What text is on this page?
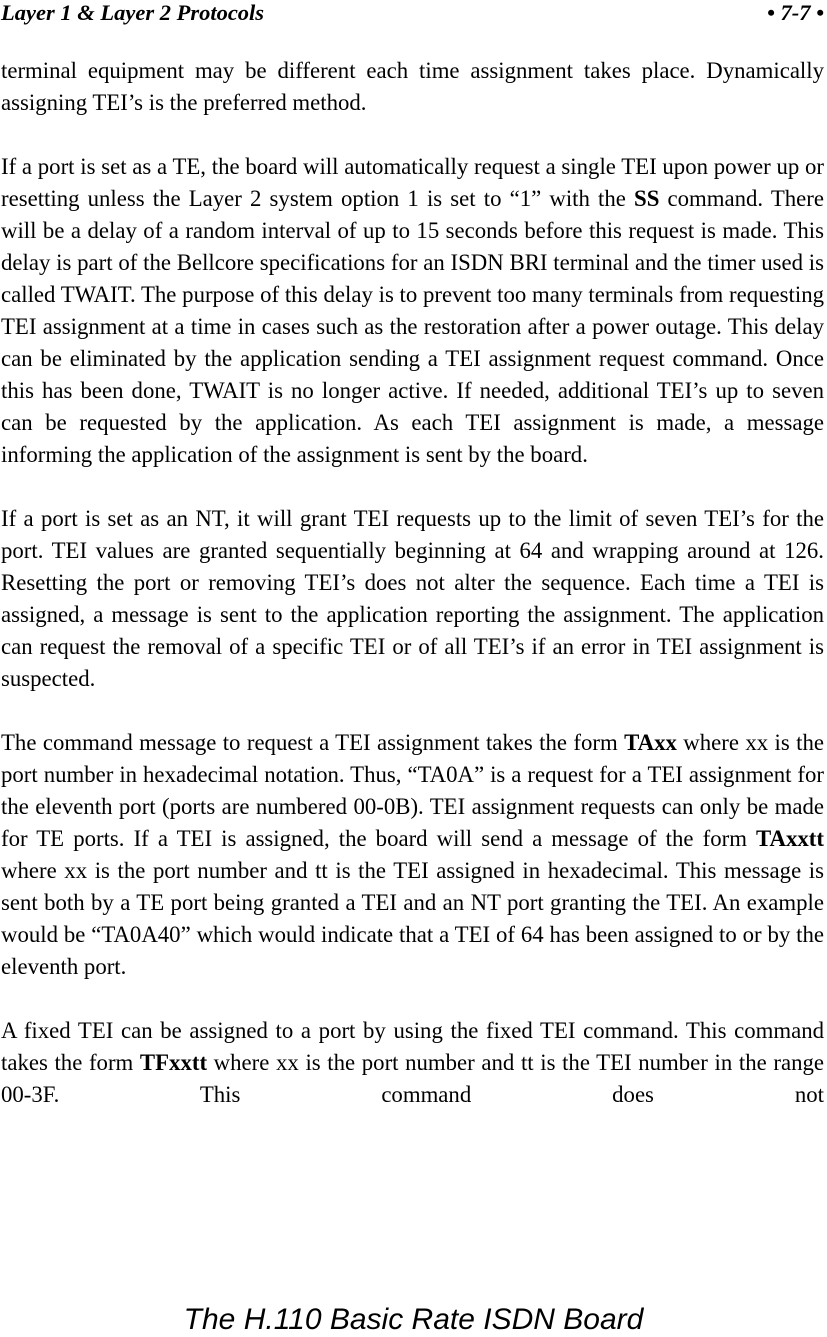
Layer 1 & Layer 2 Protocols	• 7-7 •

terminal equipment may be different each time assignment takes place. Dynamically assigning TEI’s is the preferred method.

If a port is set as a TE, the board will automatically request a single TEI upon power up or resetting unless the Layer 2 system option 1 is set to “1” with the SS command. There will be a delay of a random interval of up to 15 seconds before this request is made. This delay is part of the Bellcore specifications for an ISDN BRI terminal and the timer used is called TWAIT. The purpose of this delay is to prevent too many terminals from requesting TEI assignment at a time in cases such as the restoration after a power outage. This delay can be eliminated by the application sending a TEI assignment request command. Once this has been done, TWAIT is no longer active. If needed, additional TEI’s up to seven can be requested by the application. As each TEI assignment is made, a message informing the application of the assignment is sent by the board.

If a port is set as an NT, it will grant TEI requests up to the limit of seven TEI’s for the port. TEI values are granted sequentially beginning at 64 and wrapping around at 126. Resetting the port or removing TEI’s does not alter the sequence. Each time a TEI is assigned, a message is sent to the application reporting the assignment. The application can request the removal of a specific TEI or of all TEI’s if an error in TEI assignment is suspected.

The command message to request a TEI assignment takes the form TAxx where xx is the port number in hexadecimal notation. Thus, “TA0A” is a request for a TEI assignment for the eleventh port (ports are numbered 00-0B). TEI assignment requests can only be made for TE ports. If a TEI is assigned, the board will send a message of the form TAxxtt where xx is the port number and tt is the TEI assigned in hexadecimal. This message is sent both by a TE port being granted a TEI and an NT port granting the TEI. An example would be “TA0A40” which would indicate that a TEI of 64 has been assigned to or by the eleventh port.

A fixed TEI can be assigned to a port by using the fixed TEI command. This command takes the form TFxxtt where xx is the port number and tt is the TEI number in the range 00-3F. This command does not

The H.110 Basic Rate ISDN Board
